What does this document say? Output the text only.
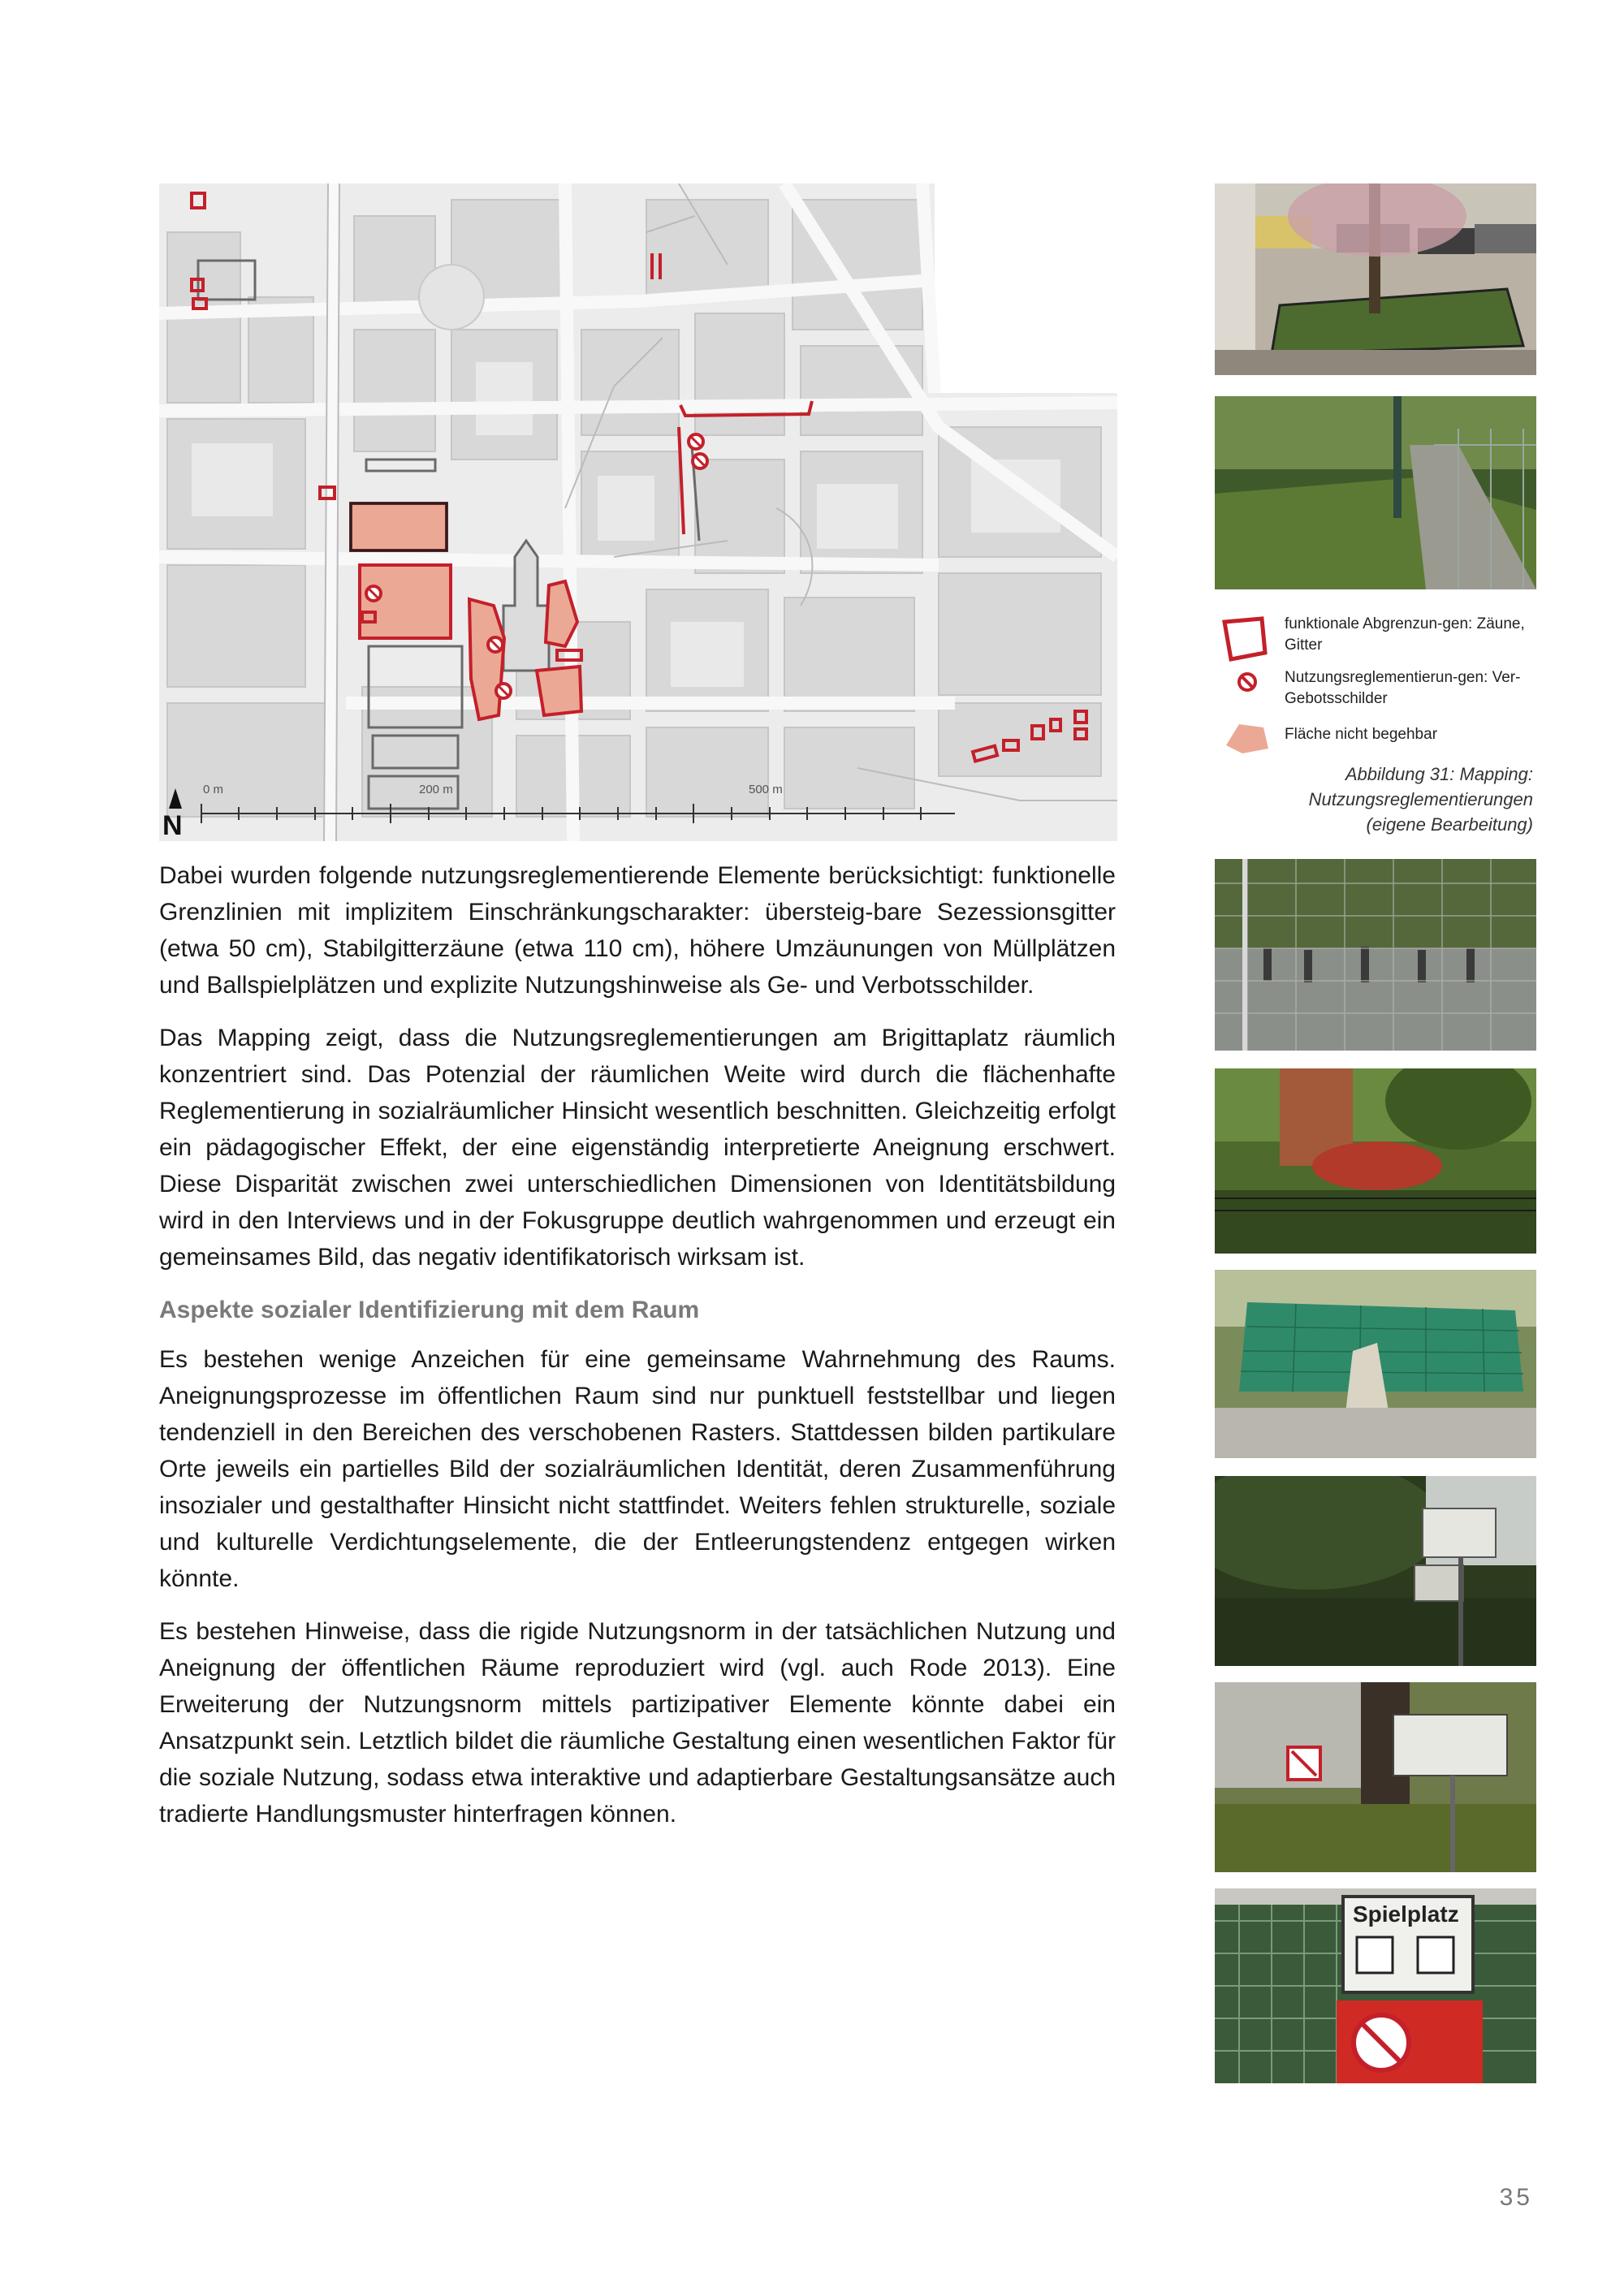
0 m	200 m	500 m
N
funktionale Abgrenzun-gen: Zäune, Gitter
Nutzungsreglementierun-gen: Ver- Gebotsschilder
Fläche nicht begehbar
Abbildung 31: Mapping:
Nutzungsreglementierungen
(eigene Bearbeitung)

Dabei wurden folgende nutzungsreglementierende Elemente berücksichtigt: funktionelle Grenzlinien mit implizitem Einschränkungscharakter: übersteig-bare Sezessionsgitter (etwa 50 cm), Stabilgitterzäune (etwa 110 cm), höhere Umzäunungen von Müllplätzen und Ballspielplätzen und explizite Nutzungshinweise als Ge- und Verbotsschilder.

Das Mapping zeigt, dass die Nutzungsreglementierungen am Brigittaplatz räumlich konzentriert sind. Das Potenzial der räumlichen Weite wird durch die flächenhafte Reglementierung in sozialräumlicher Hinsicht wesentlich beschnitten. Gleichzeitig erfolgt ein pädagogischer Effekt, der eine eigenständig interpretierte Aneignung erschwert. Diese Disparität zwischen zwei unterschiedlichen Dimensionen von Identitätsbildung wird in den Interviews und in der Fokusgruppe deutlich wahrgenommen und erzeugt ein gemeinsames Bild, das negativ identifikatorisch wirksam ist.

Aspekte sozialer Identifizierung mit dem Raum

Es bestehen wenige Anzeichen für eine gemeinsame Wahrnehmung des Raums. Aneignungsprozesse im öffentlichen Raum sind nur punktuell feststellbar und liegen tendenziell in den Bereichen des verschobenen Rasters. Stattdessen bilden partikulare Orte jeweils ein partielles Bild der sozialräumlichen Identität, deren Zusammenführung insozialer und gestalthafter Hinsicht nicht stattfindet. Weiters fehlen strukturelle, soziale und kulturelle Verdichtungselemente, die der Entleerungstendenz entgegen wirken könnte.

Es bestehen Hinweise, dass die rigide Nutzungsnorm in der tatsächlichen Nutzung und Aneignung der öffentlichen Räume reproduziert wird (vgl. auch Rode 2013). Eine Erweiterung der Nutzungsnorm mittels partizipativer Elemente könnte dabei ein Ansatzpunkt sein. Letztlich bildet die räumliche Gestaltung einen wesentlichen Faktor für die soziale Nutzung, sodass etwa interaktive und adaptierbare Gestaltungsansätze auch tradierte Handlungsmuster hinterfragen können.

Spielplatz
35
